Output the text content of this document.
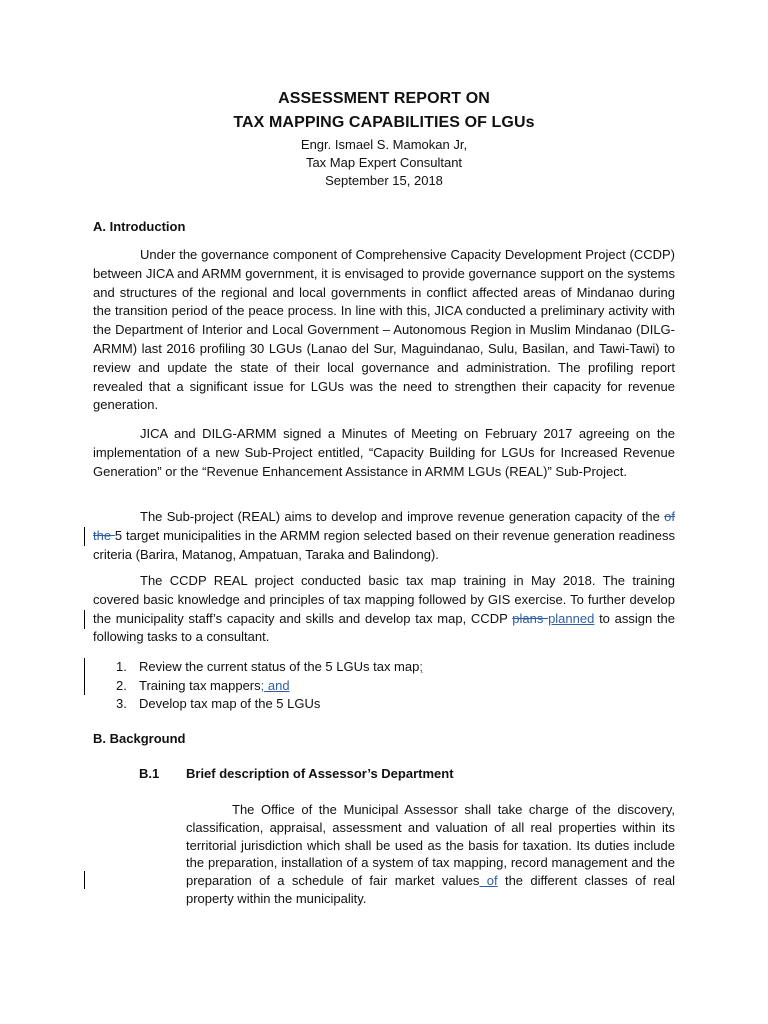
ASSESSMENT REPORT ON
TAX MAPPING CAPABILITIES OF LGUs
Engr. Ismael S. Mamokan Jr,
Tax Map Expert Consultant
September 15, 2018
A. Introduction
Under the governance component of Comprehensive Capacity Development Project (CCDP) between JICA and ARMM government, it is envisaged to provide governance support on the systems and structures of the regional and local governments in conflict affected areas of Mindanao during the transition period of the peace process. In line with this, JICA conducted a preliminary activity with the Department of Interior and Local Government – Autonomous Region in Muslim Mindanao (DILG-ARMM) last 2016 profiling 30 LGUs (Lanao del Sur, Maguindanao, Sulu, Basilan, and Tawi-Tawi) to review and update the state of their local governance and administration. The profiling report revealed that a significant issue for LGUs was the need to strengthen their capacity for revenue generation.
JICA and DILG-ARMM signed a Minutes of Meeting on February 2017 agreeing on the implementation of a new Sub-Project entitled, “Capacity Building for LGUs for Increased Revenue Generation” or the “Revenue Enhancement Assistance in ARMM LGUs (REAL)” Sub-Project.
The Sub-project (REAL) aims to develop and improve revenue generation capacity of the of the 5 target municipalities in the ARMM region selected based on their revenue generation readiness criteria (Barira, Matanog, Ampatuan, Taraka and Balindong).
The CCDP REAL project conducted basic tax map training in May 2018. The training covered basic knowledge and principles of tax mapping followed by GIS exercise. To further develop the municipality staff’s capacity and skills and develop tax map, CCDP plans planned to assign the following tasks to a consultant.
1. Review the current status of the 5 LGUs tax map;
2. Training tax mappers; and
3. Develop tax map of the 5 LGUs
B. Background
B.1 Brief description of Assessor’s Department
The Office of the Municipal Assessor shall take charge of the discovery, classification, appraisal, assessment and valuation of all real properties within its territorial jurisdiction which shall be used as the basis for taxation. Its duties include the preparation, installation of a system of tax mapping, record management and the preparation of a schedule of fair market values of the different classes of real property within the municipality.
